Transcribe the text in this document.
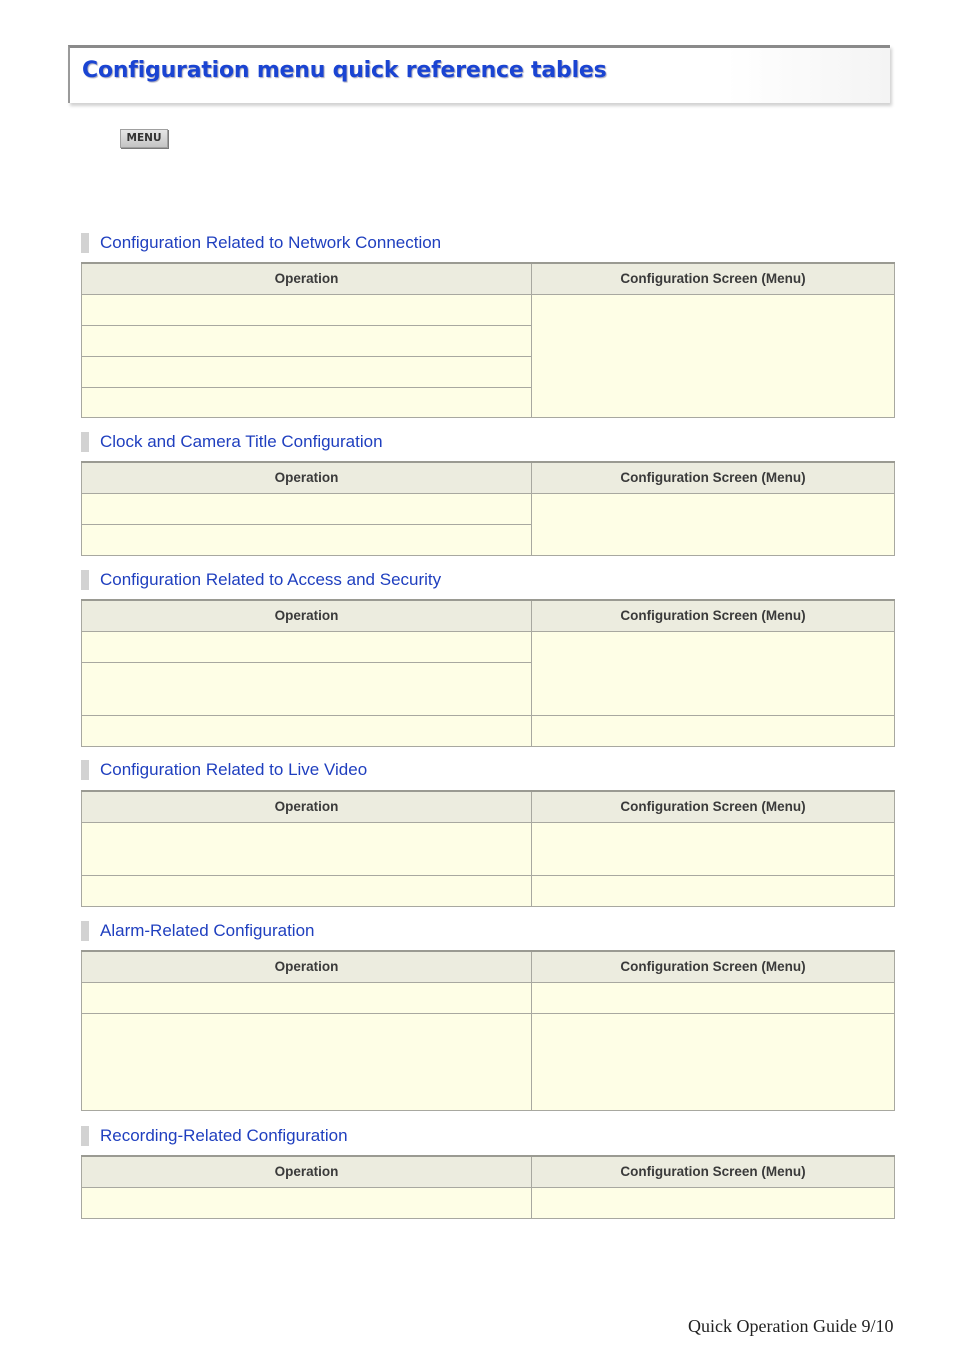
Configuration menu quick reference tables
MENU
Configuration Related to Network Connection
Operation	Configuration Screen (Menu)

Clock and Camera Title Configuration
Operation	Configuration Screen (Menu)

Configuration Related to Access and Security
Operation	Configuration Screen (Menu)

Configuration Related to Live Video
Operation	Configuration Screen (Menu)

Alarm-Related Configuration
Operation	Configuration Screen (Menu)

Recording-Related Configuration
Operation	Configuration Screen (Menu)

Quick Operation Guide 9/10
